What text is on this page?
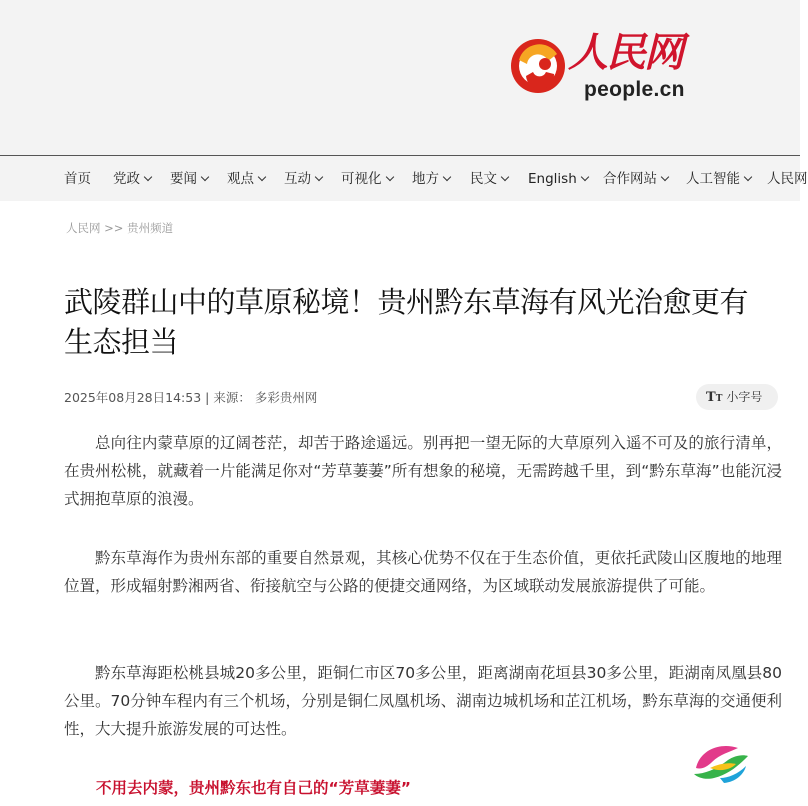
人民网
people.cn
首页 党政	要闻	观点	互动	可视化	地方	民文	English	合作网站	人工智能	人民网
人民网 >> 贵州频道
武陵群山中的草原秘境！贵州黔东草海有风光治愈更有生态担当
2025年08月28日14:53 | 来源： 多彩贵州网	TT 小字号

总向往内蒙草原的辽阔苍茫，却苦于路途遥远。别再把一望无际的大草原列入遥不可及的旅行清单，在贵州松桃，就藏着一片能满足你对“芳草萋萋”所有想象的秘境，无需跨越千里，到“黔东草海”也能沉浸式拥抱草原的浪漫。

黔东草海作为贵州东部的重要自然景观，其核心优势不仅在于生态价值，更依托武陵山区腹地的地理位置，形成辐射黔湘两省、衔接航空与公路的便捷交通网络，为区域联动发展旅游提供了可能。

黔东草海距松桃县城20多公里，距铜仁市区70多公里，距离湖南花垣县30多公里，距湖南凤凰县80公里。70分钟车程内有三个机场，分别是铜仁凤凰机场、湖南边城机场和芷江机场，黔东草海的交通便利性，大大提升旅游发展的可达性。

不用去内蒙，贵州黔东也有自己的“芳草萋萋”
